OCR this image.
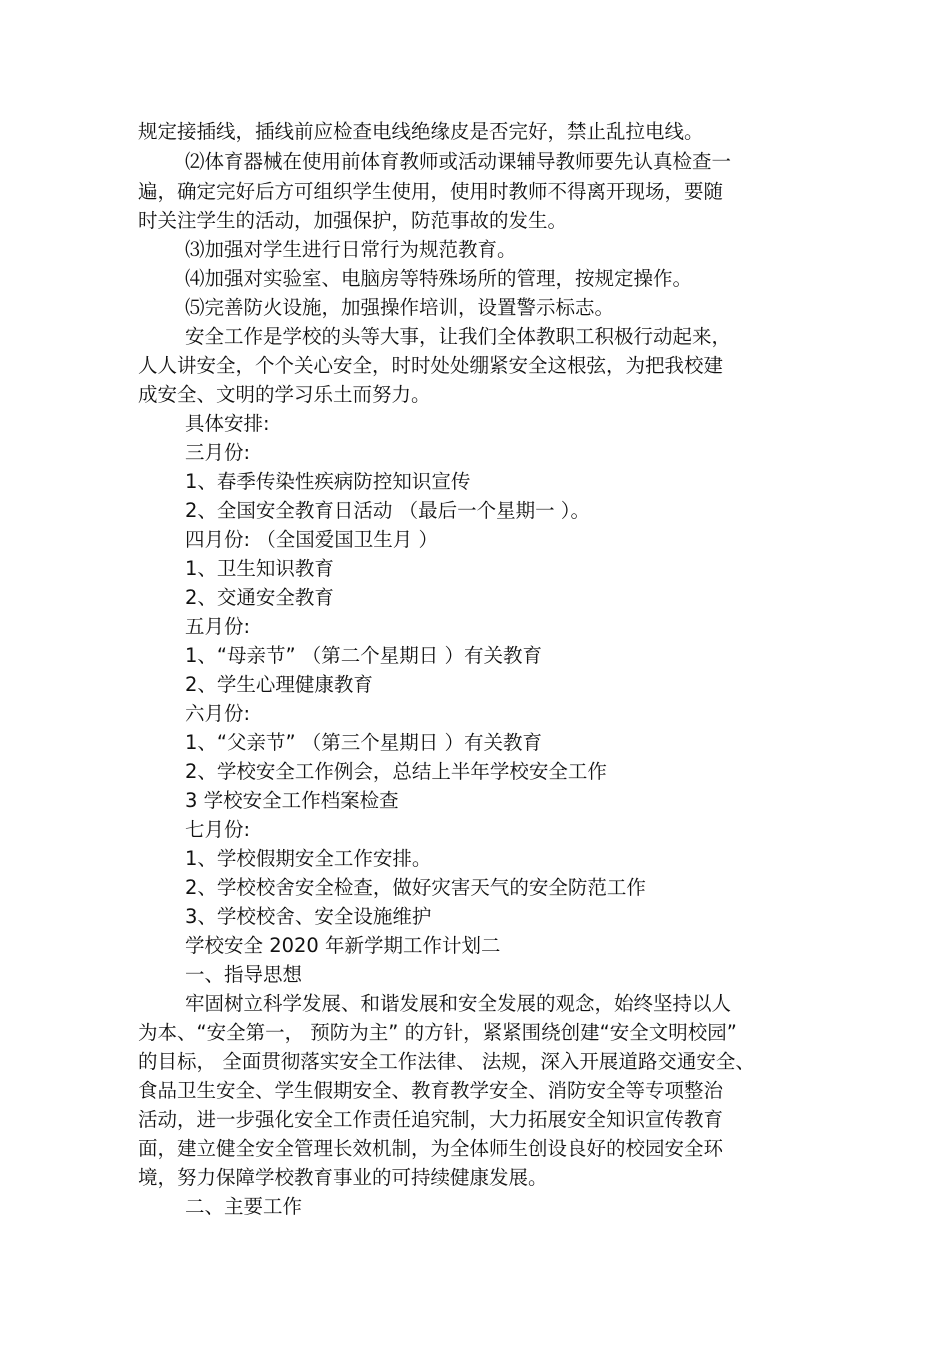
规定接插线，插线前应检查电线绝缘皮是否完好，禁止乱拉电线。
⑵体育器械在使用前体育教师或活动课辅导教师要先认真检查一
遍，确定完好后方可组织学生使用，使用时教师不得离开现场，要随
时关注学生的活动，加强保护，防范事故的发生。
⑶加强对学生进行日常行为规范教育。
⑷加强对实验室、电脑房等特殊场所的管理，按规定操作。
⑸完善防火设施，加强操作培训，设置警示标志。
安全工作是学校的头等大事，让我们全体教职工积极行动起来，
人人讲安全，个个关心安全，时时处处绷紧安全这根弦，为把我校建
成安全、文明的学习乐土而努力。
具体安排:
三月份:
1、春季传染性疾病防控知识宣传
2、全国安全教育日活动 （最后一个星期一 ）。
四月份: （全国爱国卫生月 ）
1、卫生知识教育
2、交通安全教育
五月份:
1、“母亲节” （第二个星期日 ）有关教育
2、学生心理健康教育
六月份:
1、“父亲节” （第三个星期日 ）有关教育
2、学校安全工作例会，总结上半年学校安全工作
3 学校安全工作档案检查
七月份:
1、学校假期安全工作安排。
2、学校校舍安全检查，做好灾害天气的安全防范工作
3、学校校舍、安全设施维护
学校安全 2020 年新学期工作计划二
一、指导思想
牢固树立科学发展、和谐发展和安全发展的观念，始终坚持以人
为本、“安全第一， 预防为主” 的方针，紧紧围绕创建“安全文明校园”
的目标， 全面贯彻落实安全工作法律、 法规，深入开展道路交通安全、
食品卫生安全、学生假期安全、教育教学安全、消防安全等专项整治
活动，进一步强化安全工作责任追究制，大力拓展安全知识宣传教育
面，建立健全安全管理长效机制，为全体师生创设良好的校园安全环
境，努力保障学校教育事业的可持续健康发展。
二、主要工作
